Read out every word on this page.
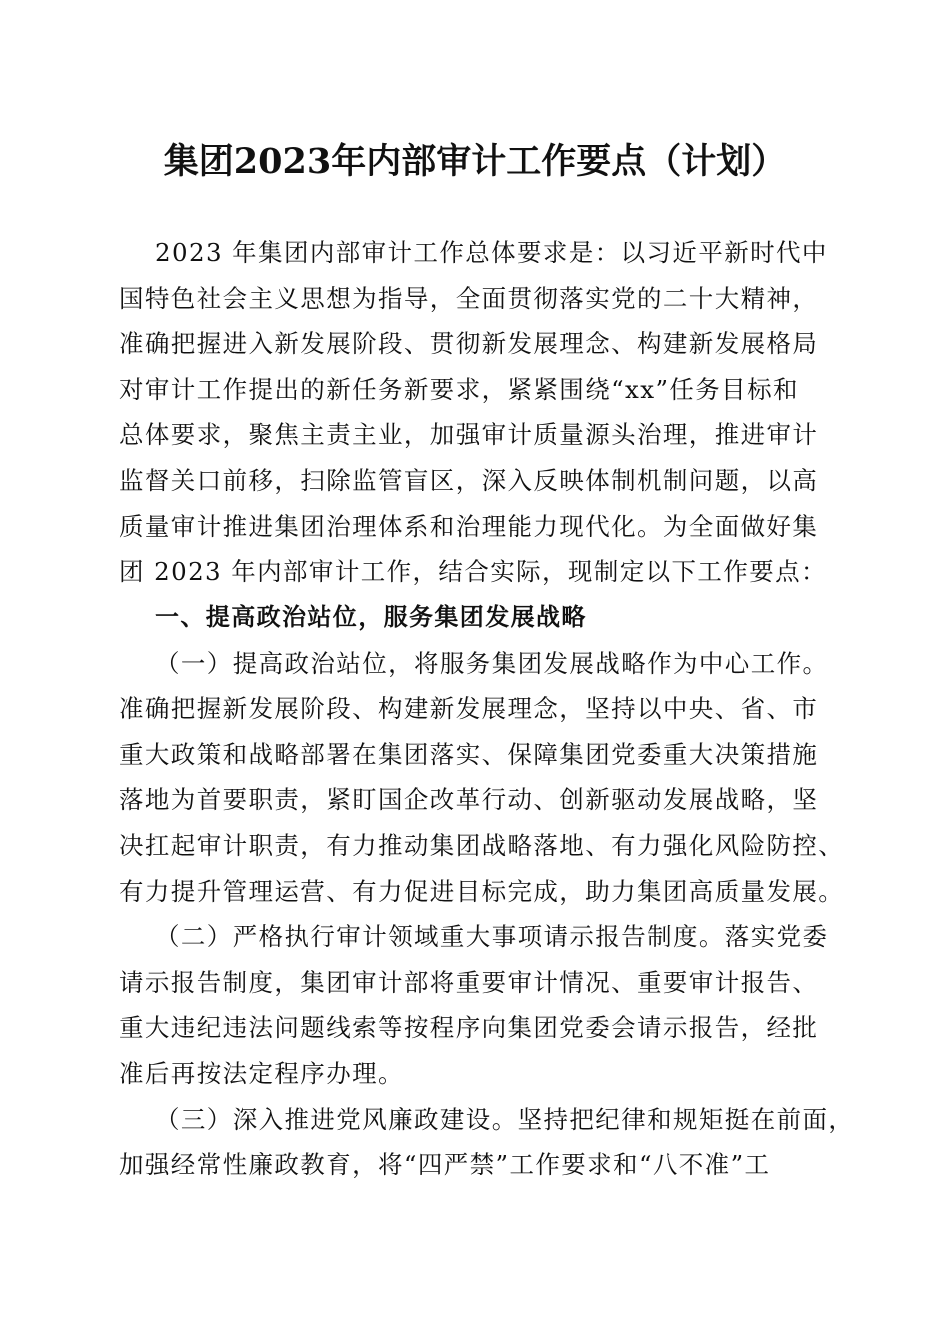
集团2023年内部审计工作要点（计划）
2023 年集团内部审计工作总体要求是：以习近平新时代中
国特色社会主义思想为指导，全面贯彻落实党的二十大精神，
准确把握进入新发展阶段、贯彻新发展理念、构建新发展格局
对审计工作提出的新任务新要求，紧紧围绕“xx”任务目标和
总体要求，聚焦主责主业，加强审计质量源头治理，推进审计
监督关口前移，扫除监管盲区，深入反映体制机制问题，以高
质量审计推进集团治理体系和治理能力现代化。为全面做好集
团 2023 年内部审计工作，结合实际，现制定以下工作要点：
一、提高政治站位，服务集团发展战略
（一）提高政治站位，将服务集团发展战略作为中心工作。
准确把握新发展阶段、构建新发展理念，坚持以中央、省、市
重大政策和战略部署在集团落实、保障集团党委重大决策措施
落地为首要职责，紧盯国企改革行动、创新驱动发展战略，坚
决扛起审计职责，有力推动集团战略落地、有力强化风险防控、
有力提升管理运营、有力促进目标完成，助力集团高质量发展。
（二）严格执行审计领域重大事项请示报告制度。落实党委
请示报告制度，集团审计部将重要审计情况、重要审计报告、
重大违纪违法问题线索等按程序向集团党委会请示报告，经批
准后再按法定程序办理。
（三）深入推进党风廉政建设。坚持把纪律和规矩挺在前面，
加强经常性廉政教育，将“四严禁”工作要求和“八不准”工
